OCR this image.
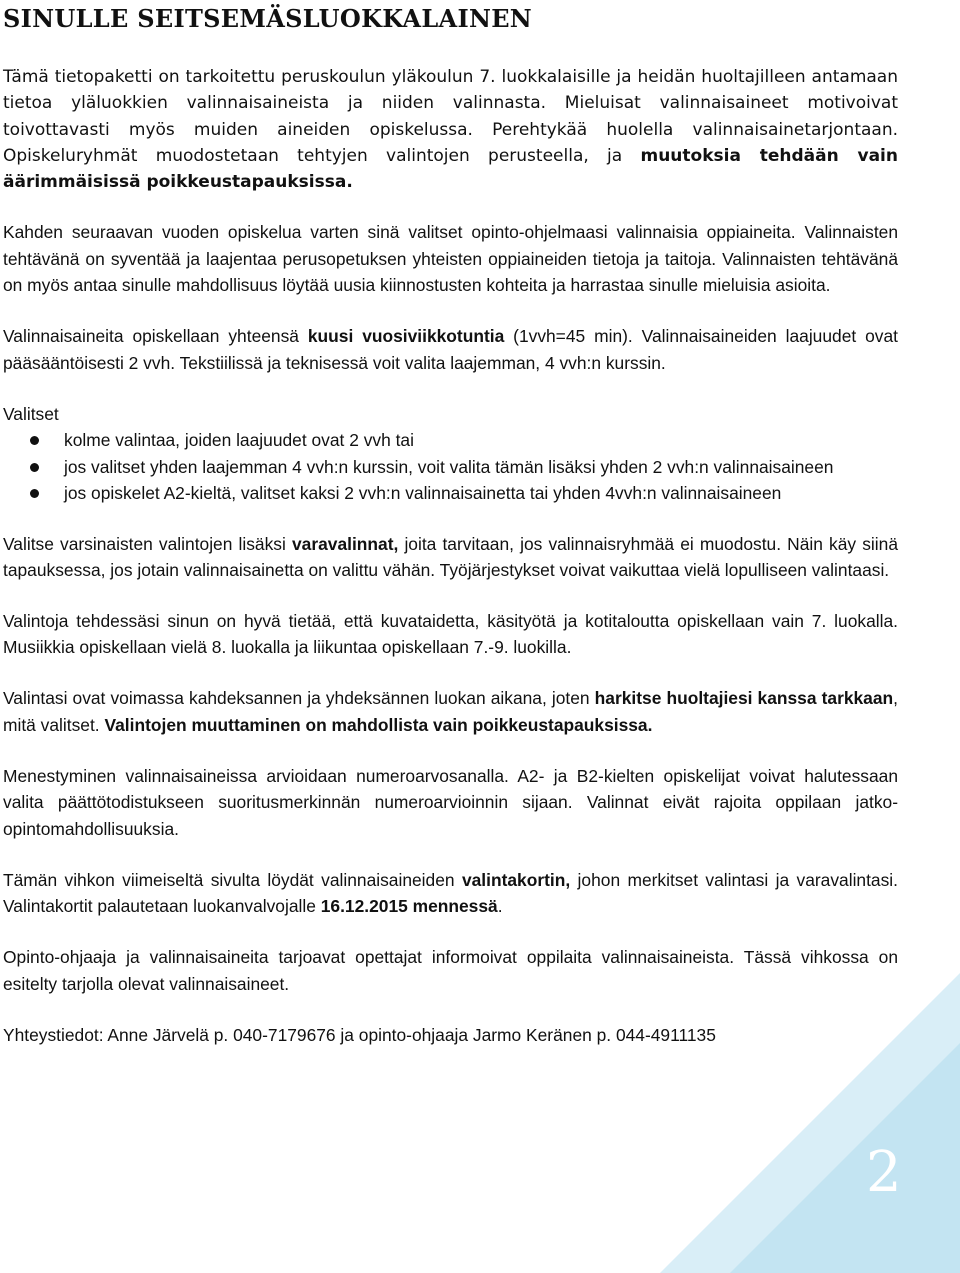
2
SINULLE SEITSEMÄSLUOKKALAINEN

Tämä tietopaketti on tarkoitettu peruskoulun yläkoulun 7. luokkalaisille ja heidän huoltajilleen antamaan tietoa yläluokkien valinnaisaineista ja niiden valinnasta. Mieluisat valinnaisaineet motivoivat toivottavasti myös muiden aineiden opiskelussa. Perehtykää huolella valinnaisainetarjontaan. Opiskeluryhmät muodostetaan tehtyjen valintojen perusteella, ja muutoksia tehdään vain äärimmäisissä poikkeustapauksissa.

Kahden seuraavan vuoden opiskelua varten sinä valitset opinto-ohjelmaasi valinnaisia oppiaineita. Valinnaisten tehtävänä on syventää ja laajentaa perusopetuksen yhteisten oppiaineiden tietoja ja taitoja. Valinnaisten tehtävänä on myös antaa sinulle mahdollisuus löytää uusia kiinnostusten kohteita ja harrastaa sinulle mieluisia asioita.

Valinnaisaineita opiskellaan yhteensä kuusi vuosiviikkotuntia (1vvh=45 min). Valinnaisaineiden laajuudet ovat pääsääntöisesti 2 vvh. Tekstiilissä ja teknisessä voit valita laajemman, 4 vvh:n kurssin.

Valitset
kolme valintaa, joiden laajuudet ovat 2 vvh tai
jos valitset yhden laajemman 4 vvh:n kurssin, voit valita tämän lisäksi yhden 2 vvh:n valinnaisaineen
jos opiskelet A2-kieltä, valitset kaksi 2 vvh:n valinnaisainetta tai yhden 4vvh:n valinnaisaineen

Valitse varsinaisten valintojen lisäksi varavalinnat, joita tarvitaan, jos valinnaisryhmää ei muodostu. Näin käy siinä tapauksessa, jos jotain valinnaisainetta on valittu vähän. Työjärjestykset voivat vaikuttaa vielä lopulliseen valintaasi.

Valintoja tehdessäsi sinun on hyvä tietää, että kuvataidetta, käsityötä ja kotitaloutta opiskellaan vain 7. luokalla. Musiikkia opiskellaan vielä 8. luokalla ja liikuntaa opiskellaan 7.-9. luokilla.

Valintasi ovat voimassa kahdeksannen ja yhdeksännen luokan aikana, joten harkitse huoltajiesi kanssa tarkkaan, mitä valitset. Valintojen muuttaminen on mahdollista vain poikkeustapauksissa.

Menestyminen valinnaisaineissa arvioidaan numeroarvosanalla. A2- ja B2-kielten opiskelijat voivat halutessaan valita päättötodistukseen suoritusmerkinnän numeroarvioinnin sijaan. Valinnat eivät rajoita oppilaan jatko-opintomahdollisuuksia.

Tämän vihkon viimeiseltä sivulta löydät valinnaisaineiden valintakortin, johon merkitset valintasi ja varavalintasi. Valintakortit palautetaan luokanvalvojalle 16.12.2015 mennessä.

Opinto-ohjaaja ja valinnaisaineita tarjoavat opettajat informoivat oppilaita valinnaisaineista. Tässä vihkossa on esitelty tarjolla olevat valinnaisaineet.

Yhteystiedot: Anne Järvelä p. 040-7179676 ja opinto-ohjaaja Jarmo Keränen p. 044-4911135
